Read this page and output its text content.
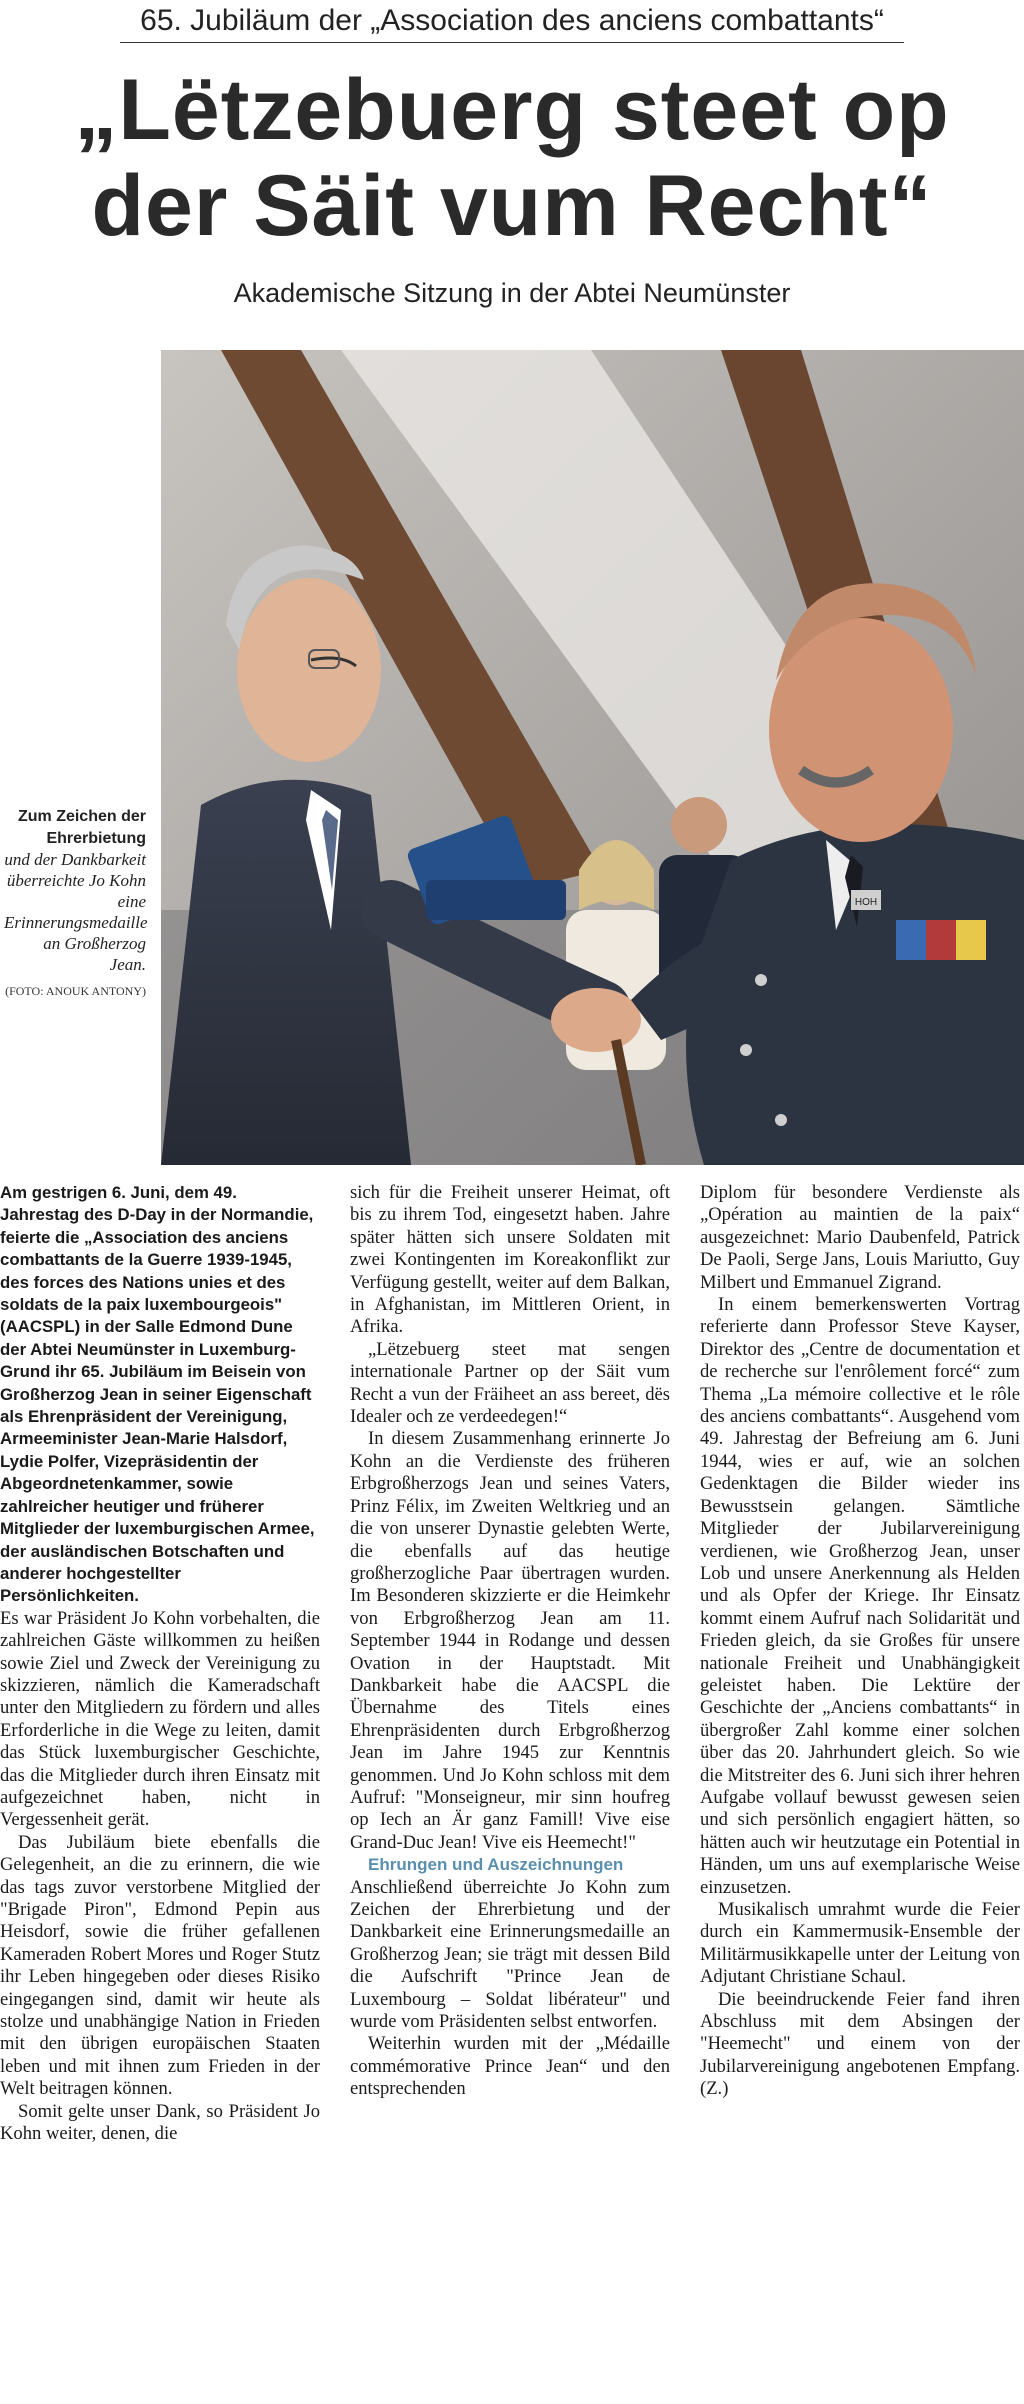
65. Jubiläum der „Association des anciens combattants“
„Lëtzebuerg steet op
der Säit vum Recht“
Akademische Sitzung in der Abtei Neumünster
Zum Zeichen der
Ehrerbietung
und der Dankbarkeit überreichte Jo Kohn eine Erinnerungsmedaille an Großherzog Jean.
(FOTO: ANOUK ANTONY)
HOH

Am gestrigen 6. Juni, dem 49. Jahrestag des D-Day in der Normandie, feierte die „Association des anciens combattants de la Guerre 1939-1945, des forces des Nations unies et des soldats de la paix luxembourgeois" (AACSPL) in der Salle Edmond Dune der Abtei Neumünster in Luxemburg-Grund ihr 65. Jubiläum im Beisein von Großherzog Jean in seiner Eigenschaft als Ehrenpräsident der Vereinigung, Armeeminister Jean-Marie Halsdorf, Lydie Polfer, Vizepräsidentin der Abgeordnetenkammer, sowie zahlreicher heutiger und früherer Mitglieder der luxemburgischen Armee, der ausländischen Botschaften und anderer hochgestellter Persönlichkeiten.

Es war Präsident Jo Kohn vorbehalten, die zahlreichen Gäste willkommen zu heißen sowie Ziel und Zweck der Vereinigung zu skizzieren, nämlich die Kameradschaft unter den Mitgliedern zu fördern und alles Erforderliche in die Wege zu leiten, damit das Stück luxemburgischer Geschichte, das die Mitglieder durch ihren Einsatz mit aufgezeichnet haben, nicht in Vergessenheit gerät.

Das Jubiläum biete ebenfalls die Gelegenheit, an die zu erinnern, die wie das tags zuvor verstorbene Mitglied der "Brigade Piron", Edmond Pepin aus Heisdorf, sowie die früher gefallenen Kameraden Robert Mores und Roger Stutz ihr Leben hingegeben oder dieses Risiko eingegangen sind, damit wir heute als stolze und unabhängige Nation in Frieden mit den übrigen europäischen Staaten leben und mit ihnen zum Frieden in der Welt beitragen können.

Somit gelte unser Dank, so Präsident Jo Kohn weiter, denen, die

sich für die Freiheit unserer Heimat, oft bis zu ihrem Tod, eingesetzt haben. Jahre später hätten sich unsere Soldaten mit zwei Kontingenten im Koreakonflikt zur Verfügung gestellt, weiter auf dem Balkan, in Afghanistan, im Mittleren Orient, in Afrika.

„Lëtzebuerg steet mat sengen internationale Partner op der Säit vum Recht a vun der Fräiheet an ass bereet, dës Idealer och ze verdeedegen!“

In diesem Zusammenhang erinnerte Jo Kohn an die Verdienste des früheren Erbgroßherzogs Jean und seines Vaters, Prinz Félix, im Zweiten Weltkrieg und an die von unserer Dynastie gelebten Werte, die ebenfalls auf das heutige großherzogliche Paar übertragen wurden. Im Besonderen skizzierte er die Heimkehr von Erbgroßherzog Jean am 11. September 1944 in Rodange und dessen Ovation in der Hauptstadt. Mit Dankbarkeit habe die AACSPL die Übernahme des Titels eines Ehrenpräsidenten durch Erbgroßherzog Jean im Jahre 1945 zur Kenntnis genommen. Und Jo Kohn schloss mit dem Aufruf: "Monseigneur, mir sinn houfreg op Iech an Är ganz Famill! Vive eise Grand-Duc Jean! Vive eis Heemecht!"

Ehrungen und Auszeichnungen

Anschließend überreichte Jo Kohn zum Zeichen der Ehrerbietung und der Dankbarkeit eine Erinnerungsmedaille an Großherzog Jean; sie trägt mit dessen Bild die Aufschrift "Prince Jean de Luxembourg – Soldat libérateur" und wurde vom Präsidenten selbst entworfen.

Weiterhin wurden mit der „Médaille commémorative Prince Jean“ und den entsprechenden

Diplom für besondere Verdienste als „Opération au maintien de la paix“ ausgezeichnet: Mario Daubenfeld, Patrick De Paoli, Serge Jans, Louis Mariutto, Guy Milbert und Emmanuel Zigrand.

In einem bemerkenswerten Vortrag referierte dann Professor Steve Kayser, Direktor des „Centre de documentation et de recherche sur l'enrôlement forcé“ zum Thema „La mémoire collective et le rôle des anciens combattants“. Ausgehend vom 49. Jahrestag der Befreiung am 6. Juni 1944, wies er auf, wie an solchen Gedenktagen die Bilder wieder ins Bewusstsein gelangen. Sämtliche Mitglieder der Jubilarvereinigung verdienen, wie Großherzog Jean, unser Lob und unsere Anerkennung als Helden und als Opfer der Kriege. Ihr Einsatz kommt einem Aufruf nach Solidarität und Frieden gleich, da sie Großes für unsere nationale Freiheit und Unabhängigkeit geleistet haben. Die Lektüre der Geschichte der „Anciens combattants“ in übergroßer Zahl komme einer solchen über das 20. Jahrhundert gleich. So wie die Mitstreiter des 6. Juni sich ihrer hehren Aufgabe vollauf bewusst gewesen seien und sich persönlich engagiert hätten, so hätten auch wir heutzutage ein Potential in Händen, um uns auf exemplarische Weise einzusetzen.

Musikalisch umrahmt wurde die Feier durch ein Kammermusik-Ensemble der Militärmusikkapelle unter der Leitung von Adjutant Christiane Schaul.

Die beeindruckende Feier fand ihren Abschluss mit dem Absingen der "Heemecht" und einem von der Jubilarvereinigung angebotenen Empfang. (Z.)
